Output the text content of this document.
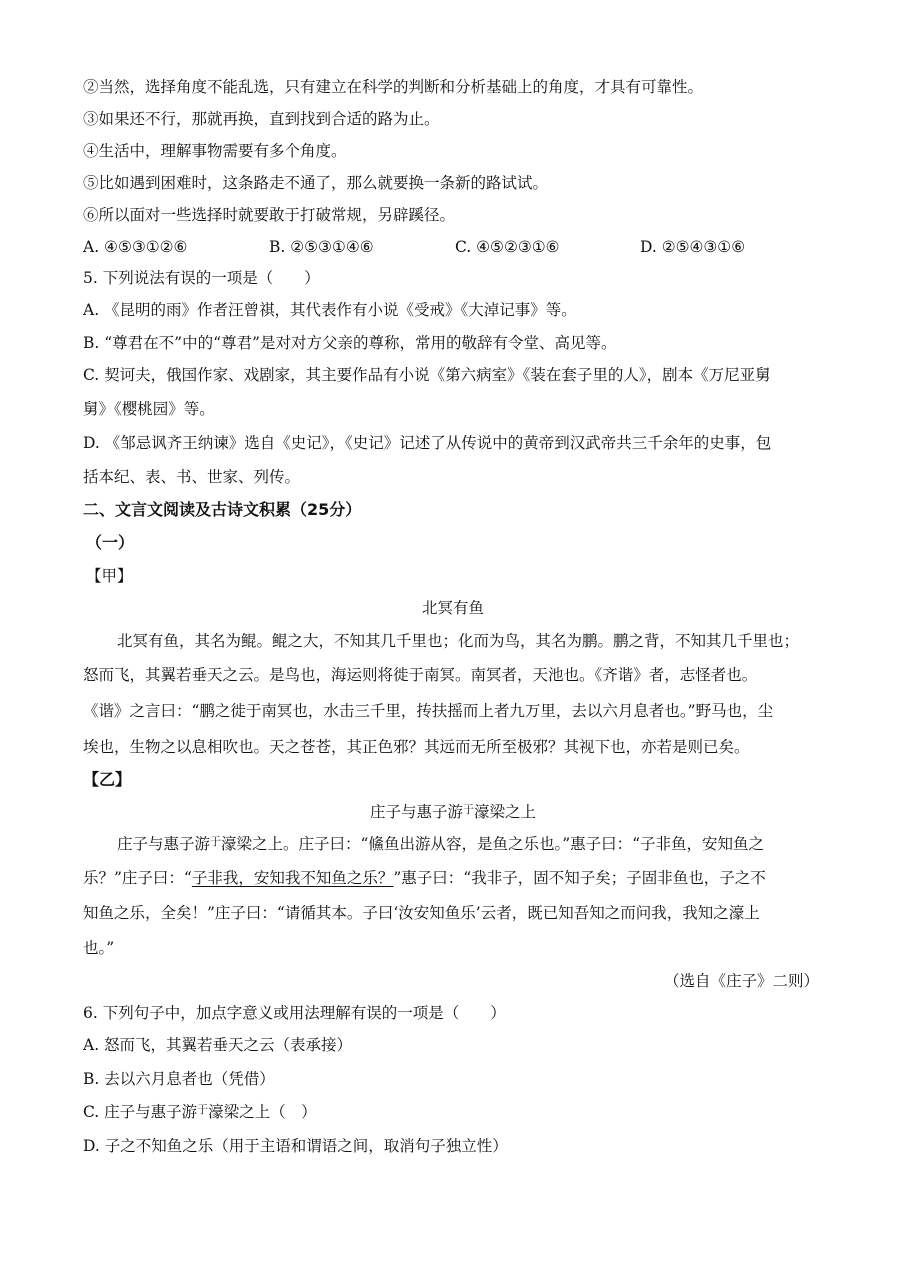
②当然，选择角度不能乱选，只有建立在科学的判断和分析基础上的角度，才具有可靠性。
③如果还不行，那就再换，直到找到合适的路为止。
④生活中，理解事物需要有多个角度。
⑤比如遇到困难时，这条路走不通了，那么就要换一条新的路试试。
⑥所以面对一些选择时就要敢于打破常规，另辟蹊径。
A. ④⑤③①②⑥	B. ②⑤③①④⑥	C. ④⑤②③①⑥	D. ②⑤④③①⑥
5. 下列说法有误的一项是（　　）
A. 《昆明的雨》作者汪曾祺，其代表作有小说《受戒》《大淖记事》等。
B. “尊君在不”中的“尊君”是对对方父亲的尊称，常用的敬辞有令堂、高见等。
C. 契诃夫，俄国作家、戏剧家，其主要作品有小说《第六病室》《装在套子里的人》，剧本《万尼亚舅
舅》《樱桃园》等。
D. 《邹忌讽齐王纳谏》选自《史记》，《史记》记述了从传说中的黄帝到汉武帝共三千余年的史事，包
括本纪、表、书、世家、列传。
二、文言文阅读及古诗文积累（25分）
（一）
【甲】
北冥有鱼
北冥有鱼，其名为鲲。鲲之大，不知其几千里也；化而为鸟，其名为鹏。鹏之背，不知其几千里也；
怒而飞，其翼若垂天之云。是鸟也，海运则将徙于南冥。南冥者，天池也。《齐谐》者，志怪者也。
《谐》之言曰：“鹏之徙于南冥也，水击三千里，抟扶摇而上者九万里，去以六月息者也。”野马也，尘
埃也，生物之以息相吹也。天之苍苍，其正色邪？其远而无所至极邪？其视下也，亦若是则已矣。
【乙】
庄子与惠子游$^于$濠梁之上
庄子与惠子游$^于$濠梁之上。庄子曰：“鯈鱼出游从容，是鱼之乐也。”惠子曰：“子非鱼，安知鱼之
乐？”庄子曰：“子非我，安知我不知鱼之乐？”惠子曰：“我非子，固不知子矣；子固非鱼也，子之不
知鱼之乐，全矣！”庄子曰：“请循其本。子曰‘汝安知鱼乐’云者，既已知吾知之而问我，我知之濠上
也。”
（选自《庄子》二则）
6. 下列句子中，加点字意义或用法理解有误的一项是（　　）
A. 怒而飞，其翼若垂天之云（表承接）
B. 去以六月息者也（凭借）
C. 庄子与惠子游$^于$濠梁之上（　）
D. 子之不知鱼之乐（用于主语和谓语之间，取消句子独立性）
